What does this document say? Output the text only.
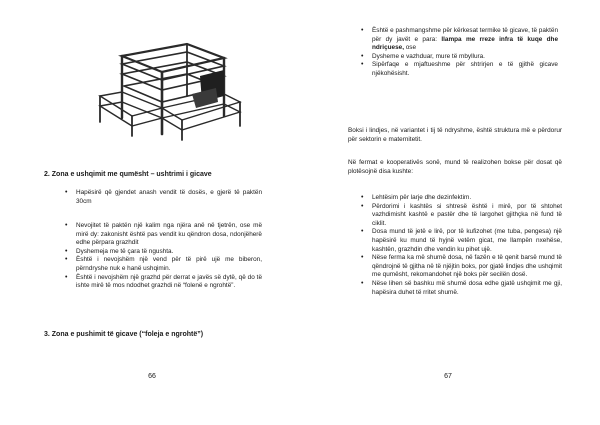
2. Zona e ushqimit me qumësht – ushtrimi i gicave
• Hapësirë që gjendet anash vendit të dosës, e gjerë të paktën 30cm
• Nevojitet të paktën një kalim nga njëra anë në tjetrën, ose më mirë dy: zakonisht është pas vendit ku qëndron dosa, ndonjëherë edhe përpara grazhdit
• Dyshemeja me të çara të ngushta.
• Është i nevojshëm një vend për të pirë ujë me biberon, përndryshe nuk e hanë ushqimin.
• Është i nevojshëm një grazhd për derrat e javës së dytë, që do të ishte mirë të mos ndodhet grazhdi në “folenë e ngrohtë”.
3. Zona e pushimit të gicave (“foleja e ngrohtë”)
66
• Është e pashmangshme për kërkesat termike të gicave, të paktën për dy javët e para: llampa me rreze infra të kuqe dhe ndriçuese, ose
• Dysheme e vazhduar, mure të mbyllura.
• Sipërfaqe e mjaftueshme për shtrirjen e të gjithë gicave njëkohësisht.
Boksi i lindjes, në variantet i tij të ndryshme, është struktura më e përdorur për sektorin e maternitetit.
Në fermat e kooperativës sonë, mund të realizohen bokse për dosat që plotësojnë disa kushte:
• Lehtësim për larje dhe dezinfektim.
• Përdorimi i kashtës si shtresë është i mirë, por të shtohet vazhdimisht kashtë e pastër dhe të largohet gjithçka në fund të ciklit.
• Dosa mund të jetë e lirë, por të kufizohet (me tuba, pengesa) një hapësirë ku mund të hyjnë vetëm gicat, me llampën nxehëse, kashtën, grazhdin dhe vendin ku pihet ujë.
• Nëse ferma ka më shumë dosa, në fazën e të qenit barsë mund të qëndrojnë të gjitha në të njëjtin boks, por gjatë lindjes dhe ushqimit me qumësht, rekomandohet një boks për secilën dosë.
• Nëse lihen së bashku më shumë dosa edhe gjatë ushqimit me gji, hapësira duhet të rritet shumë.
67
